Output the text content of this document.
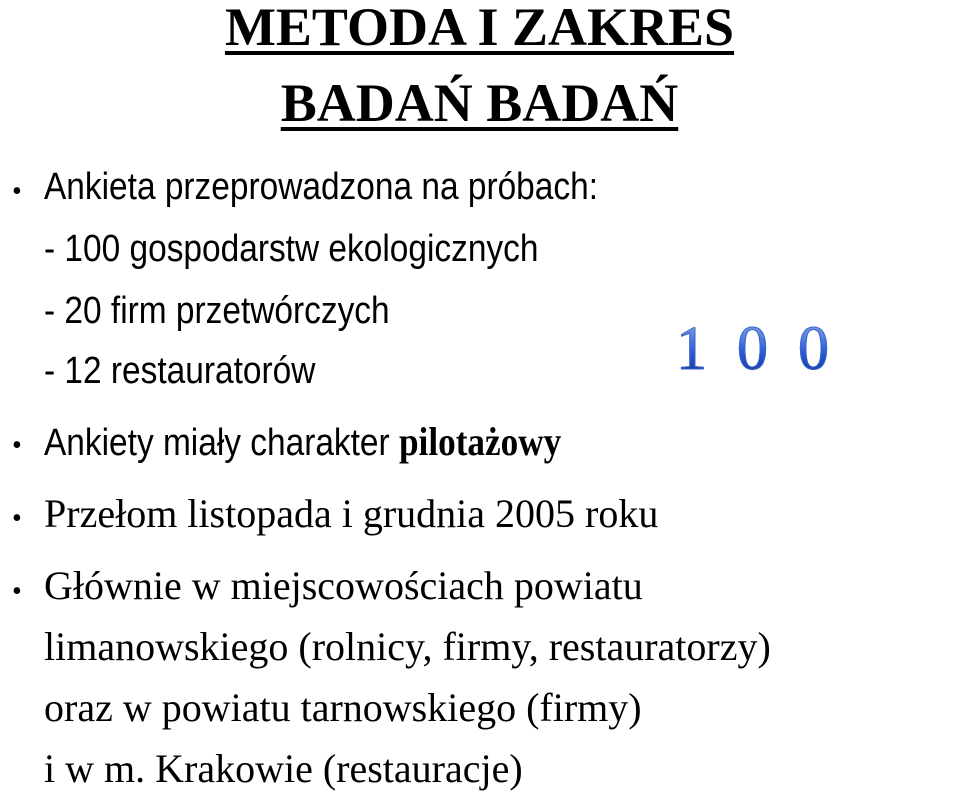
METODA I ZAKRES
BADAŃ BADAŃ
• Ankieta przeprowadzona na próbach:
- 100 gospodarstw ekologicznych
- 20 firm przetwórczych
- 12 restauratorów	1 0 0
• Ankiety miały charakter pilotażowy
• Przełom listopada i grudnia 2005 roku
• Głównie w miejscowościach powiatu
limanowskiego (rolnicy, firmy, restauratorzy)
oraz w powiatu tarnowskiego (firmy)
i w m. Krakowie (restauracje)
